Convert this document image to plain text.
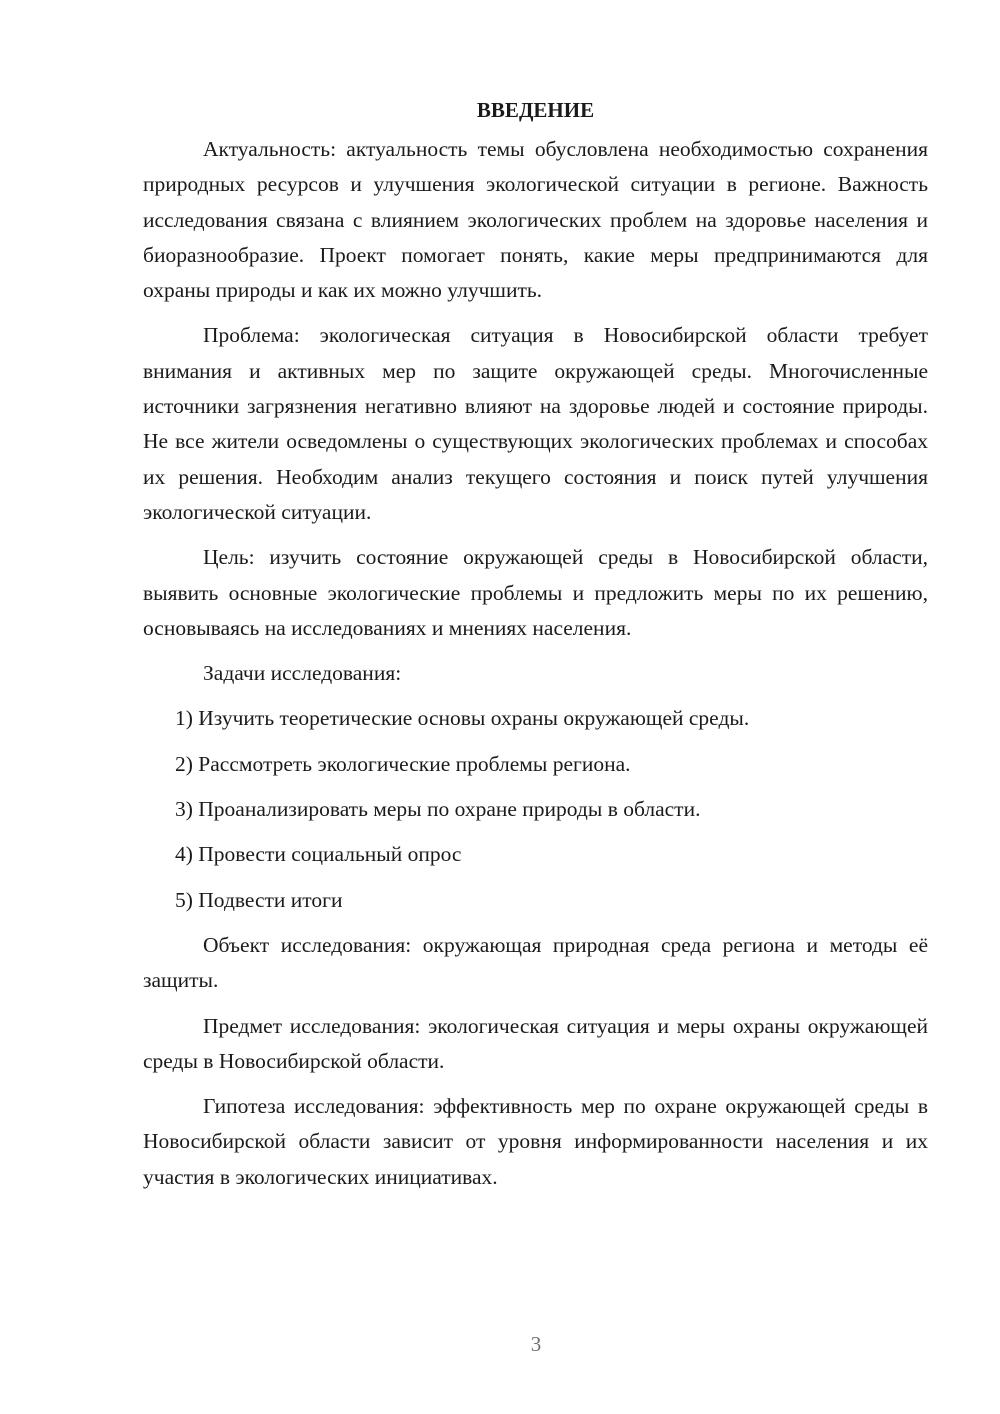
ВВЕДЕНИЕ

Актуальность: актуальность темы обусловлена необходимостью сохранения природных ресурсов и улучшения экологической ситуации в регионе. Важность исследования связана с влиянием экологических проблем на здоровье населения и биоразнообразие. Проект помогает понять, какие меры предпринимаются для охраны природы и как их можно улучшить.

Проблема: экологическая ситуация в Новосибирской области требует внимания и активных мер по защите окружающей среды. Многочисленные источники загрязнения негативно влияют на здоровье людей и состояние природы. Не все жители осведомлены о существующих экологических проблемах и способах их решения. Необходим анализ текущего состояния и поиск путей улучшения экологической ситуации.

Цель: изучить состояние окружающей среды в Новосибирской области, выявить основные экологические проблемы и предложить меры по их решению, основываясь на исследованиях и мнениях населения.

Задачи исследования:

1) Изучить теоретические основы охраны окружающей среды.

2) Рассмотреть экологические проблемы региона.

3) Проанализировать меры по охране природы в области.

4) Провести социальный опрос

5) Подвести итоги

Объект исследования: окружающая природная среда региона и методы её защиты.

Предмет исследования: экологическая ситуация и меры охраны окружающей среды в Новосибирской области.

Гипотеза исследования: эффективность мер по охране окружающей среды в Новосибирской области зависит от уровня информированности населения и их участия в экологических инициативах.

3
